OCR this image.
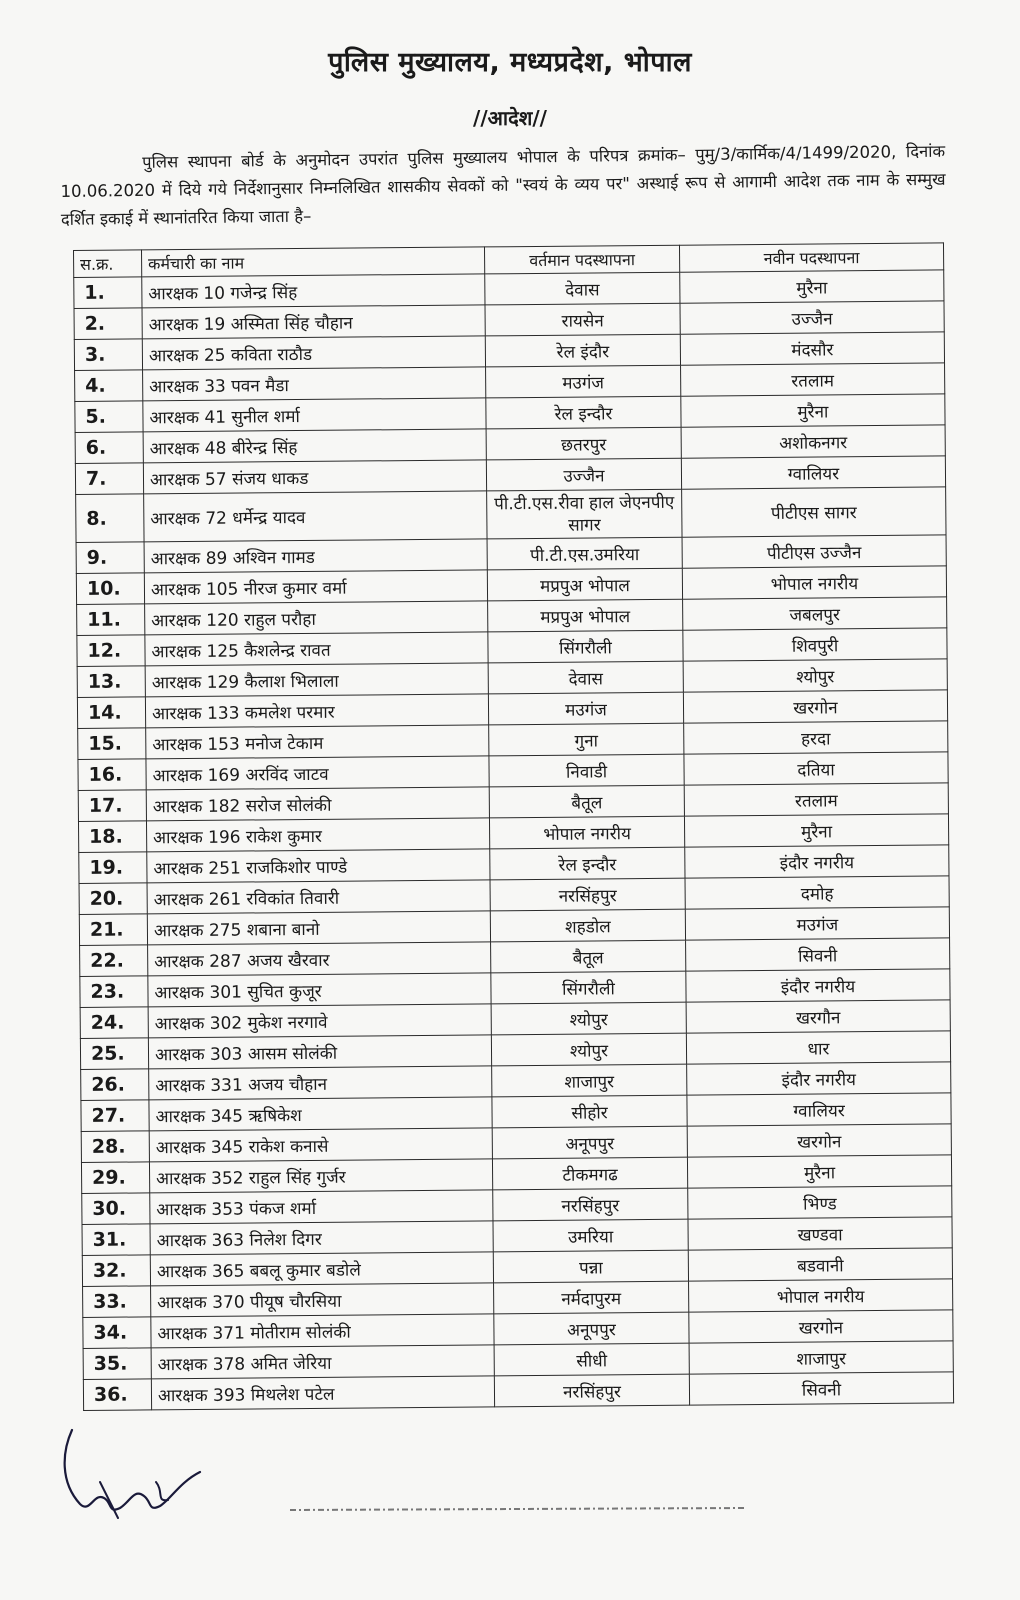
पुलिस मुख्यालय, मध्यप्रदेश, भोपाल
//आदेश//
पुलिस स्थापना बोर्ड के अनुमोदन उपरांत पुलिस मुख्यालय भोपाल के परिपत्र क्रमांक– पुमु/3/कार्मिक/4/1499/2020, दिनांक 10.06.2020 में दिये गये निर्देशानुसार निम्नलिखित शासकीय सेवकों को "स्वयं के व्यय पर" अस्थाई रूप से आगामी आदेश तक नाम के सम्मुख दर्शित इकाई में स्थानांतरित किया जाता है–
स.क्र.	कर्मचारी का नाम	वर्तमान पदस्थापना	नवीन पदस्थापना
1.	आरक्षक 10 गजेन्द्र सिंह	देवास	मुरैना
2.	आरक्षक 19 अस्मिता सिंह चौहान	रायसेन	उज्जैन
3.	आरक्षक 25 कविता राठौड	रेल इंदौर	मंदसौर
4.	आरक्षक 33 पवन मैडा	मउगंज	रतलाम
5.	आरक्षक 41 सुनील शर्मा	रेल इन्दौर	मुरैना
6.	आरक्षक 48 बीरेन्द्र सिंह	छतरपुर	अशोकनगर
7.	आरक्षक 57 संजय धाकड	उज्जैन	ग्वालियर
8.	आरक्षक 72 धर्मेन्द्र यादव	पी.टी.एस.रीवा हाल जेएनपीए सागर	पीटीएस सागर
9.	आरक्षक 89 अश्विन गामड	पी.टी.एस.उमरिया	पीटीएस उज्जैन
10.	आरक्षक 105 नीरज कुमार वर्मा	मप्रपुअ भोपाल	भोपाल नगरीय
11.	आरक्षक 120 राहुल परौहा	मप्रपुअ भोपाल	जबलपुर
12.	आरक्षक 125 कैशलेन्द्र रावत	सिंगरौली	शिवपुरी
13.	आरक्षक 129 कैलाश भिलाला	देवास	श्योपुर
14.	आरक्षक 133 कमलेश परमार	मउगंज	खरगोन
15.	आरक्षक 153 मनोज टेकाम	गुना	हरदा
16.	आरक्षक 169 अरविंद जाटव	निवाडी	दतिया
17.	आरक्षक 182 सरोज सोलंकी	बैतूल	रतलाम
18.	आरक्षक 196 राकेश कुमार	भोपाल नगरीय	मुरैना
19.	आरक्षक 251 राजकिशोर पाण्डे	रेल इन्दौर	इंदौर नगरीय
20.	आरक्षक 261 रविकांत तिवारी	नरसिंहपुर	दमोह
21.	आरक्षक 275 शबाना बानो	शहडोल	मउगंज
22.	आरक्षक 287 अजय खैरवार	बैतूल	सिवनी
23.	आरक्षक 301 सुचित कुजूर	सिंगरौली	इंदौर नगरीय
24.	आरक्षक 302 मुकेश नरगावे	श्योपुर	खरगौन
25.	आरक्षक 303 आसम सोलंकी	श्योपुर	धार
26.	आरक्षक 331 अजय चौहान	शाजापुर	इंदौर नगरीय
27.	आरक्षक 345 ऋषिकेश	सीहोर	ग्वालियर
28.	आरक्षक 345 राकेश कनासे	अनूपपुर	खरगोन
29.	आरक्षक 352 राहुल सिंह गुर्जर	टीकमगढ	मुरैना
30.	आरक्षक 353 पंकज शर्मा	नरसिंहपुर	भिण्ड
31.	आरक्षक 363 निलेश दिगर	उमरिया	खण्डवा
32.	आरक्षक 365 बबलू कुमार बडोले	पन्ना	बडवानी
33.	आरक्षक 370 पीयूष चौरसिया	नर्मदापुरम	भोपाल नगरीय
34.	आरक्षक 371 मोतीराम सोलंकी	अनूपपुर	खरगोन
35.	आरक्षक 378 अमित जेरिया	सीधी	शाजापुर
36.	आरक्षक 393 मिथलेश पटेल	नरसिंहपुर	सिवनी
